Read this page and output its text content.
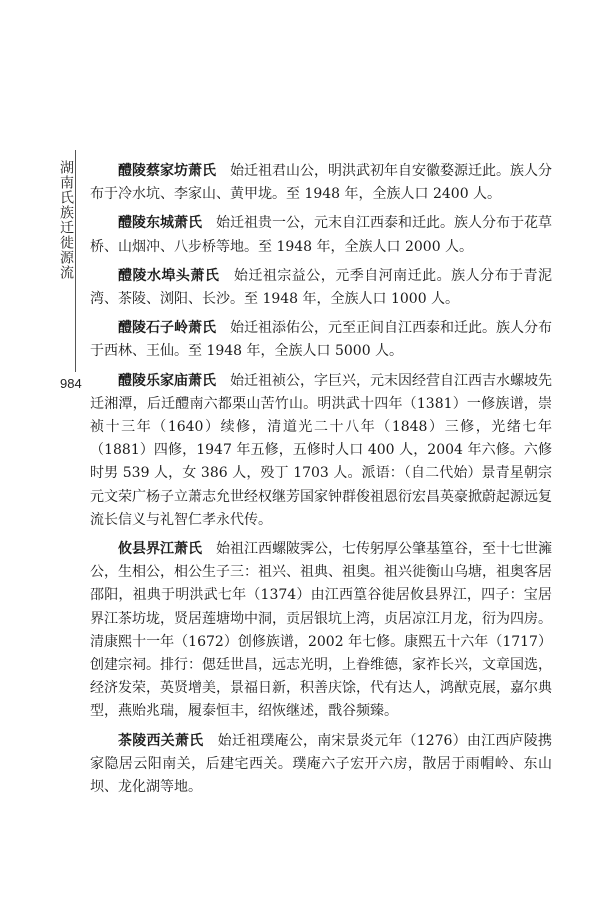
湖南氏族迁徙源流
984

醴陵蔡家坊萧氏　 始迁祖君山公，明洪武初年自安徽婺源迁此。族人分布于冷水坑、李家山、黄甲垅。至 1948 年，全族人口 2400 人。

醴陵东城萧氏　 始迁祖贵一公，元末自江西泰和迁此。族人分布于花草桥、山烟冲、八步桥等地。至 1948 年，全族人口 2000 人。

醴陵水埠头萧氏　 始迁祖宗益公，元季自河南迁此。族人分布于青泥湾、茶陵、浏阳、长沙。至 1948 年，全族人口 1000 人。

醴陵石子岭萧氏　 始迁祖添佑公，元至正间自江西泰和迁此。族人分布于西林、王仙。至 1948 年，全族人口 5000 人。

醴陵乐家庙萧氏　 始迁祖祯公，字巨兴，元末因经营自江西吉水螺坡先迁湘潭，后迁醴南六都栗山苦竹山。明洪武十四年（1381）一修族谱，崇祯十三年（1640）续修，清道光二十八年（1848）三修，光绪七年（1881）四修，1947 年五修，五修时人口 400 人，2004 年六修。六修时男 539 人，女 386 人，殁丁 1703 人。派语：（自二代始）景青星朝宗元文荣广杨子立萧志允世经权继芳国家钟群俊祖恩衍宏昌英豪掀蔚起源远复流长信义与礼智仁孝永代传。

攸县界江萧氏　 始祖江西螺陂霁公，七传躬厚公肇基篁谷，至十七世澭公，生相公，相公生子三：祖兴、祖典、祖奥。祖兴徙衡山乌塘，祖奥客居邵阳，祖典于明洪武七年（1374）由江西篁谷徙居攸县界江，四子：宝居界江茶坊垅，贤居莲塘坳中洞，贡居银坑上湾，贞居凉江月龙，衍为四房。清康熙十一年（1672）创修族谱，2002 年七修。康熙五十六年（1717）创建宗祠。排行：偲廷世昌，远志光明，上眷维德，家祚长兴，文章国选，经济发荣，英贤增美，景福日新，积善庆馀，代有达人，鸿猷克展，嘉尔典型，燕贻兆瑞，履泰恒丰，绍恢继述，戬谷频臻。

茶陵西关萧氏　 始迁祖璞庵公，南宋景炎元年（1276）由江西庐陵携家隐居云阳南关，后建宅西关。璞庵六子宏开六房，散居于雨帽岭、东山坝、龙化湖等地。
